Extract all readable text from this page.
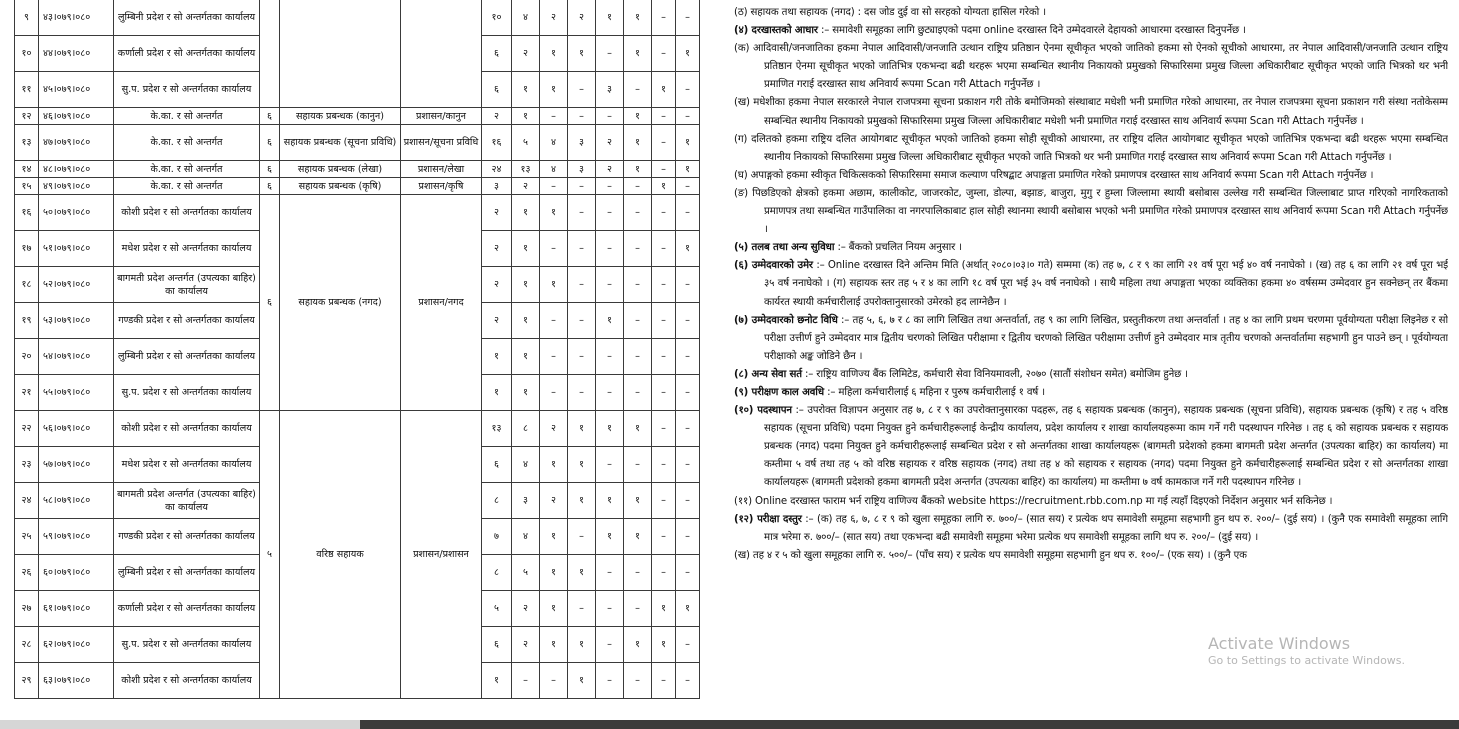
९	४३।०७९।०८०	लुम्बिनी प्रदेश र सो अन्तर्गतका कार्यालय				१०	४	२	२	१	१	–	–
१०	४४।०७९।०८०	कर्णाली प्रदेश र सो अन्तर्गतका कार्यालय				६	२	१	१	–	१	–	१
११	४५।०७९।०८०	सु.प. प्रदेश र सो अन्तर्गतका कार्यालय				६	१	१	–	३	–	१	–
१२	४६।०७९।०८०	के.का. र सो अन्तर्गत	६	सहायक प्रबन्धक (कानुन)	प्रशासन/कानुन	२	१	–	–	–	१	–	–
१३	४७।०७९।०८०	के.का. र सो अन्तर्गत	६	सहायक प्रबन्धक (सूचना प्रविधि)	प्रशासन/सूचना प्रविधि	१६	५	४	३	२	१	–	१
१४	४८।०७९।०८०	के.का. र सो अन्तर्गत	६	सहायक प्रबन्धक (लेखा)	प्रशासन/लेखा	२४	१३	४	३	२	१	–	१
१५	४९।०७९।०८०	के.का. र सो अन्तर्गत	६	सहायक प्रबन्धक (कृषि)	प्रशासन/कृषि	३	२	–	–	–	–	१	–
१६	५०।०७९।०८०	कोशी प्रदेश र सो अन्तर्गतका कार्यालय	६	सहायक प्रबन्धक (नगद)	प्रशासन/नगद	२	१	१	–	–	–	–	–
१७	५१।०७९।०८०	मधेश प्रदेश र सो अन्तर्गतका कार्यालय				२	१	–	–	–	–	–	१
१८	५२।०७९।०८०	बागमती प्रदेश अन्तर्गत (उपत्यका बाहिर) का कार्यालय				२	१	१	–	–	–	–	–
१९	५३।०७९।०८०	गण्डकी प्रदेश र सो अन्तर्गतका कार्यालय				२	१	–	–	१	–	–	–
२०	५४।०७९।०८०	लुम्बिनी प्रदेश र सो अन्तर्गतका कार्यालय				१	१	–	–	–	–	–	–
२१	५५।०७९।०८०	सु.प. प्रदेश र सो अन्तर्गतका कार्यालय				१	१	–	–	–	–	–	–
२२	५६।०७९।०८०	कोशी प्रदेश र सो अन्तर्गतका कार्यालय	५	वरिष्ठ सहायक	प्रशासन/प्रशासन	१३	८	२	१	१	१	–	–
२३	५७।०७९।०८०	मधेश प्रदेश र सो अन्तर्गतका कार्यालय				६	४	१	१	–	–	–	–
२४	५८।०७९।०८०	बागमती प्रदेश अन्तर्गत (उपत्यका बाहिर) का कार्यालय				८	३	२	१	१	१	–	–
२५	५९।०७९।०८०	गण्डकी प्रदेश र सो अन्तर्गतका कार्यालय				७	४	१	–	१	१	–	–
२६	६०।०७९।०८०	लुम्बिनी प्रदेश र सो अन्तर्गतका कार्यालय				८	५	१	१	–	–	–	–
२७	६१।०७९।०८०	कर्णाली प्रदेश र सो अन्तर्गतका कार्यालय				५	२	१	–	–	–	१	१
२८	६२।०७९।०८०	सु.प. प्रदेश र सो अन्तर्गतका कार्यालय				६	२	१	१	–	१	१	–
२९	६३।०७९।०८०	कोशी प्रदेश र सो अन्तर्गतका कार्यालय				१	–	–	१	–	–	–	–

(ठ) सहायक तथा सहायक (नगद) : दस जोड दुई वा सो सरहको योग्यता हासिल गरेको ।

(४) दरखास्तको आधार :– समावेशी समूहका लागि छुट्याइएको पदमा online दरखास्त दिने उम्मेदवारले देहायको आधारमा दरखास्त दिनुपर्नेछ ।

(क) आदिवासी/जनजातिका हकमा नेपाल आदिवासी/जनजाति उत्थान राष्ट्रिय प्रतिष्ठान ऐनमा सूचीकृत भएको जातिको हकमा सो ऐनको सूचीको आधारमा, तर नेपाल आदिवासी/जनजाति उत्थान राष्ट्रिय प्रतिष्ठान ऐनमा सूचीकृत भएको जातिभित्र एकभन्दा बढी थरहरू भएमा सम्बन्धित स्थानीय निकायको प्रमुखको सिफारिसमा प्रमुख जिल्ला अधिकारीबाट सूचीकृत भएको जाति भित्रको थर भनी प्रमाणित गराई दरखास्त साथ अनिवार्य रूपमा Scan गरी Attach गर्नुपर्नेछ ।

(ख) मधेशीका हकमा नेपाल सरकारले नेपाल राजपत्रमा सूचना प्रकाशन गरी तोके बमोजिमको संस्थाबाट मधेशी भनी प्रमाणित गरेको आधारमा, तर नेपाल राजपत्रमा सूचना प्रकाशन गरी संस्था नतोकेसम्म सम्बन्धित स्थानीय निकायको प्रमुखको सिफारिसमा प्रमुख जिल्ला अधिकारीबाट मधेशी भनी प्रमाणित गराई दरखास्त साथ अनिवार्य रूपमा Scan गरी Attach गर्नुपर्नेछ ।

(ग) दलितको हकमा राष्ट्रिय दलित आयोगबाट सूचीकृत भएको जातिको हकमा सोही सूचीको आधारमा, तर राष्ट्रिय दलित आयोगबाट सूचीकृत भएको जातिभित्र एकभन्दा बढी थरहरू भएमा सम्बन्धित स्थानीय निकायको सिफारिसमा प्रमुख जिल्ला अधिकारीबाट सूचीकृत भएको जाति भित्रको थर भनी प्रमाणित गराई दरखास्त साथ अनिवार्य रूपमा Scan गरी Attach गर्नुपर्नेछ ।

(घ) अपाङ्गको हकमा स्वीकृत चिकित्सकको सिफारिसमा समाज कल्याण परिषद्बाट अपाङ्गता प्रमाणित गरेको प्रमाणपत्र दरखास्त साथ अनिवार्य रूपमा Scan गरी Attach गर्नुपर्नेछ ।

(ङ) पिछडिएको क्षेत्रको हकमा अछाम, कालीकोट, जाजरकोट, जुम्ला, डोल्पा, बझाङ, बाजुरा, मुगु र हुम्ला जिल्लामा स्थायी बसोबास उल्लेख गरी सम्बन्धित जिल्लाबाट प्राप्त गरिएको नागरिकताको प्रमाणपत्र तथा सम्बन्धित गाउँपालिका वा नगरपालिकाबाट हाल सोही स्थानमा स्थायी बसोबास भएको भनी प्रमाणित गरेको प्रमाणपत्र दरखास्त साथ अनिवार्य रूपमा Scan गरी Attach गर्नुपर्नेछ ।

(५) तलब तथा अन्य सुविधा :– बैंकको प्रचलित नियम अनुसार ।

(६) उम्मेदवारको उमेर :– Online दरखास्त दिने अन्तिम मिति (अर्थात् २०८०।०३।० गते) सम्ममा (क) तह ७, ८ र ९ का लागि २१ वर्ष पूरा भई ४० वर्ष ननाघेको । (ख) तह ६ का लागि २१ वर्ष पूरा भई ३५ वर्ष ननाघेको । (ग) सहायक स्तर तह ५ र ४ का लागि १८ वर्ष पूरा भई ३५ वर्ष ननाघेको । साथै महिला तथा अपाङ्गता भएका व्यक्तिका हकमा ४० वर्षसम्म उम्मेदवार हुन सक्नेछन् तर बैंकमा कार्यरत स्थायी कर्मचारीलाई उपरोक्तानुसारको उमेरको हद लाग्नेछैन ।

(७) उम्मेदवारको छनोट विधि :– तह ५, ६, ७ र ८ का लागि लिखित तथा अन्तर्वार्ता, तह ९ का लागि लिखित, प्रस्तुतीकरण तथा अन्तर्वार्ता । तह ४ का लागि प्रथम चरणमा पूर्वयोग्यता परीक्षा लिइनेछ र सो परीक्षा उत्तीर्ण हुने उम्मेदवार मात्र द्वितीय चरणको लिखित परीक्षामा र द्वितीय चरणको लिखित परीक्षामा उत्तीर्ण हुने उम्मेदवार मात्र तृतीय चरणको अन्तर्वार्तामा सहभागी हुन पाउने छन् । पूर्वयोग्यता परीक्षाको अङ्क जोडिने छैन ।

(८) अन्य सेवा सर्त :– राष्ट्रिय वाणिज्य बैंक लिमिटेड, कर्मचारी सेवा विनियमावली, २०७० (सातौं संशोधन समेत) बमोजिम हुनेछ ।

(९) परीक्षण काल अवधि :– महिला कर्मचारीलाई ६ महिना र पुरुष कर्मचारीलाई १ वर्ष ।

(१०) पदस्थापन :– उपरोक्त विज्ञापन अनुसार तह ७, ८ र ९ का उपरोक्तानुसारका पदहरू, तह ६ सहायक प्रबन्धक (कानुन), सहायक प्रबन्धक (सूचना प्रविधि), सहायक प्रबन्धक (कृषि) र तह ५ वरिष्ठ सहायक (सूचना प्रविधि) पदमा नियुक्त हुने कर्मचारीहरूलाई केन्द्रीय कार्यालय, प्रदेश कार्यालय र शाखा कार्यालयहरूमा काम गर्ने गरी पदस्थापन गरिनेछ । तह ६ को सहायक प्रबन्धक र सहायक प्रबन्धक (नगद) पदमा नियुक्त हुने कर्मचारीहरूलाई सम्बन्धित प्रदेश र सो अन्तर्गतका शाखा कार्यालयहरू (बागमती प्रदेशको हकमा बागमती प्रदेश अन्तर्गत (उपत्यका बाहिर) का कार्यालय) मा कम्तीमा ५ वर्ष तथा तह ५ को वरिष्ठ सहायक र वरिष्ठ सहायक (नगद) तथा तह ४ को सहायक र सहायक (नगद) पदमा नियुक्त हुने कर्मचारीहरूलाई सम्बन्धित प्रदेश र सो अन्तर्गतका शाखा कार्यालयहरू (बागमती प्रदेशको हकमा बागमती प्रदेश अन्तर्गत (उपत्यका बाहिर) का कार्यालय) मा कम्तीमा ७ वर्ष कामकाज गर्ने गरी पदस्थापन गरिनेछ ।

(११) Online दरखास्त फाराम भर्न राष्ट्रिय वाणिज्य बैंकको website https://recruitment.rbb.com.np मा गई त्यहाँ दिइएको निर्देशन अनुसार भर्न सकिनेछ ।

(१२) परीक्षा दस्तुर :– (क) तह ६, ७, ८ र ९ को खुला समूहका लागि रु. ७००/– (सात सय) र प्रत्येक थप समावेशी समूहमा सहभागी हुन थप रु. २००/– (दुई सय) । (कुनै एक समावेशी समूहका लागि मात्र भरेमा रु. ७००/– (सात सय) तथा एकभन्दा बढी समावेशी समूहमा भरेमा प्रत्येक थप समावेशी समूहका लागि थप रु. २००/– (दुई सय) ।

(ख) तह ४ र ५ को खुला समूहका लागि रु. ५००/– (पाँच सय) र प्रत्येक थप समावेशी समूहमा सहभागी हुन थप रु. १००/– (एक सय) । (कुनै एक

Activate Windows
Go to Settings to activate Windows.
